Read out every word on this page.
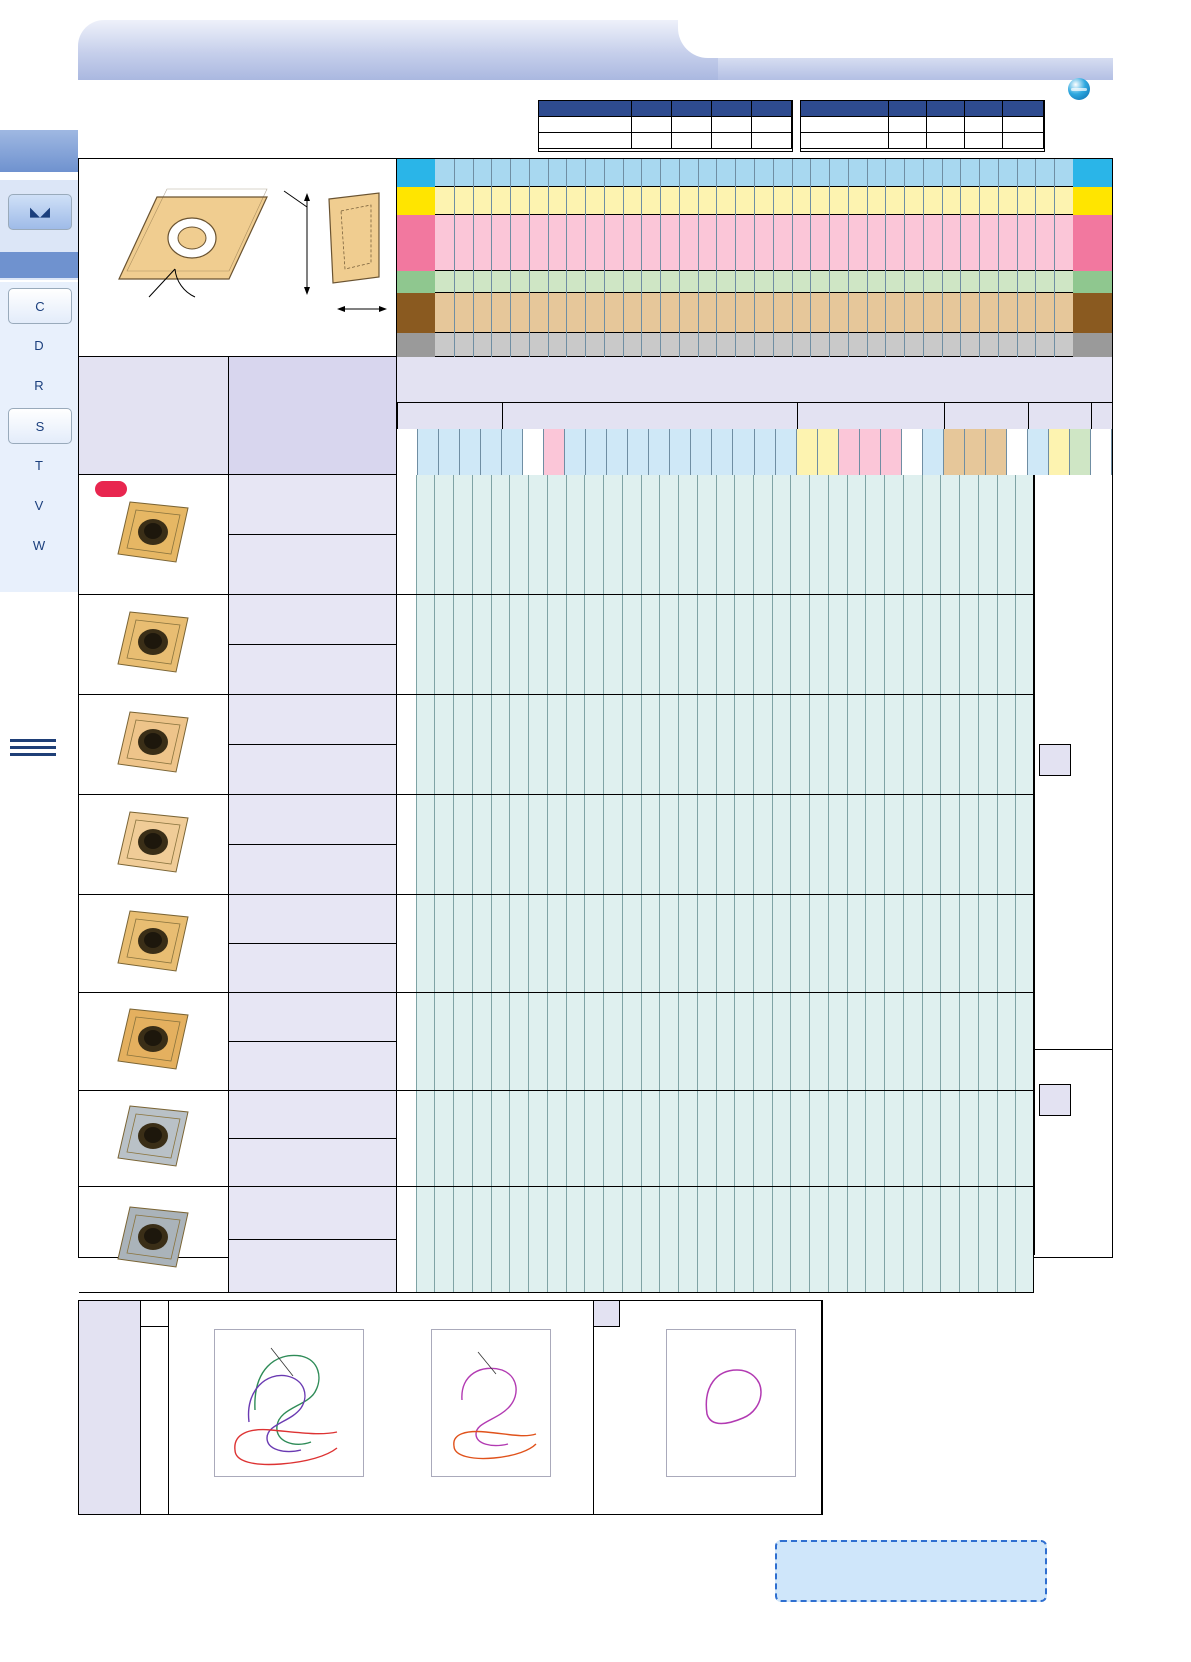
◣◢
C
D
R
S
T
V
W
